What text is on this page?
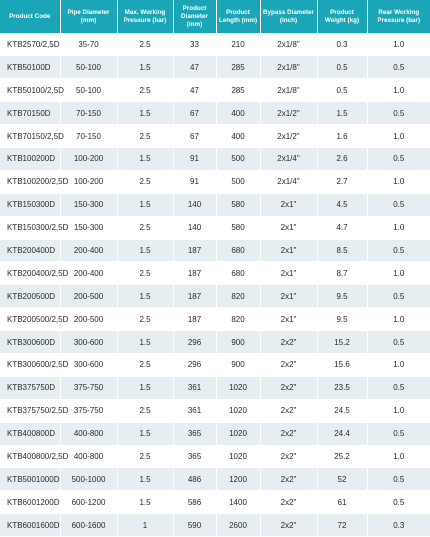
Product Code	Pipe Diameter (mm)	Max. Working Pressure (bar)	Product Diameter (mm)	Product Length (mm)	Bypass Diameter (inch)	Product Weight (kg)	Rear Working Pressure (bar)
KTB2570/2,5D	35-70	2.5	33	210	2x1/8"	0.3	1.0
KTB50100D	50-100	1.5	47	285	2x1/8"	0.5	0.5
KTB50100/2,5D	50-100	2.5	47	285	2x1/8"	0.5	1.0
KTB70150D	70-150	1.5	67	400	2x1/2"	1.5	0.5
KTB70150/2,5D	70-150	2.5	67	400	2x1/2"	1.6	1.0
KTB100200D	100-200	1.5	91	500	2x1/4"	2.6	0.5
KTB100200/2,5D	100-200	2.5	91	500	2x1/4"	2.7	1.0
KTB150300D	150-300	1.5	140	580	2x1"	4.5	0.5
KTB150300/2,5D	150-300	2.5	140	580	2x1"	4.7	1.0
KTB200400D	200-400	1.5	187	680	2x1"	8.5	0.5
KTB200400/2,5D	200-400	2.5	187	680	2x1"	8.7	1.0
KTB200500D	200-500	1.5	187	820	2x1"	9.5	0.5
KTB200500/2,5D	200-500	2.5	187	820	2x1"	9.5	1.0
KTB300600D	300-600	1.5	296	900	2x2"	15.2	0.5
KTB300600/2,5D	300-600	2.5	296	900	2x2"	15.6	1.0
KTB375750D	375-750	1.5	361	1020	2x2"	23.5	0.5
KTB375750/2,5D	375-750	2.5	361	1020	2x2"	24.5	1.0
KTB400800D	400-800	1.5	365	1020	2x2"	24.4	0.5
KTB400800/2,5D	400-800	2.5	365	1020	2x2"	25.2	1.0
KTB5001000D	500-1000	1.5	486	1200	2x2"	52	0.5
KTB6001200D	600-1200	1.5	586	1400	2x2"	61	0.5
KTB6001600D	600-1600	1	590	2600	2x2"	72	0.3
